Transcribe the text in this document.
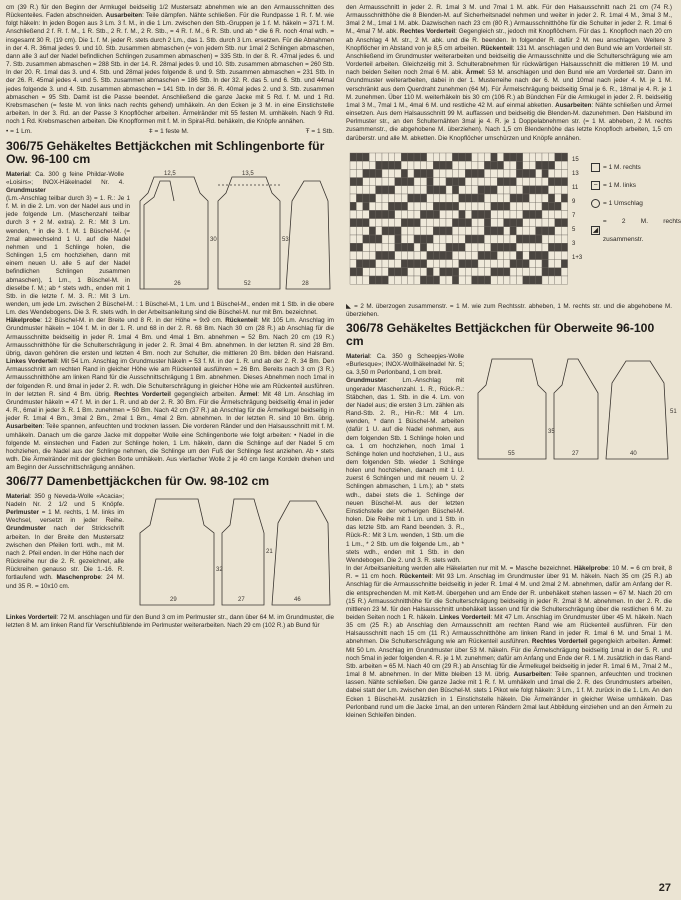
cm (39 R.) für den Beginn der Armkugel beidseitig 1/2 Mustersatz abnehmen wie an den Armausschnitten des Rückenteiles. Faden abschneiden. Ausarbeiten: Teile dämpfen. Nähte schließen. Für die Rundpasse 1 R. f. M. wie folgt häkeln: In jeden Bogen aus 3 Lm. 3 f. M., in die 1 Lm. zwischen den Stb.-Gruppen je 1 f. M. häkeln = 371 f. M. Anschließend 2 f. R. f. M., 1 R. Stb., 2 R. f. M., 2 R. Stb., = 4 R. f. M., 6 R. Stb. und ab * die 6 R. noch 4mal wdh. = insgesamt 30 R. (19 cm). Die 1. f. M. jeder R. stets durch 2 Lm., das 1. Stb. durch 3 Lm. ersetzen. Für die Abnahmen in der 4. R. 36mal jedes 9. und 10. Stb. zusammen abmaschen (= von jedem Stb. nur 1mal 2 Schlingen abmaschen, dann alle 3 auf der Nadel befindlichen Schlingen zusammen abmaschen) = 335 Stb. In der 8. R. 47mal jedes 6. und 7. Stb. zusammen abmaschen = 288 Stb. in der 14. R. 28mal jedes 9. und 10. Stb. zusammen abmaschen = 260 Stb. In der 20. R. 1mal das 3. und 4. Stb. und 28mal jedes folgende 8. und 9. Stb. zusammen abmaschen = 231 Stb. In der 26. R. 45mal jedes 4. und 5. Stb. zusammen abmaschen = 186 Stb. In der 32. R. das 5. und 6. Stb. und 44mal jedes folgende 3. und 4. Stb. zusammen abmaschen = 141 Stb. In der 36. R. 40mal jedes 2. und 3. Stb. zusammen abmaschen = 95 Stb. Damit ist die Passe beendet. Anschließend die ganze Jacke mit 5 Rd. f. M. und 1 Rd. Krebsmaschen (= feste M. von links nach rechts gehend) umhäkeln. An den Ecken je 3 M. in eine Einstichstelle arbeiten. In der 3. Rd. an der Passe 3 Knopflöcher arbeiten. Ärmelränder mit 55 festen M. umhäkeln. Nach 9 Rd. noch 1 Rd. Krebsmaschen arbeiten. Die Knopfformen mit f. M. in Spiral-Rd. behäkeln, die Knöpfe annähen.

• = 1 Lm.	ǂ = 1 feste M.	Ŧ = 1 Stb.
306/75 Gehäkeltes Bettjäckchen mit Schlingenborte für Ow. 96-100 cm
Material: Ca. 300 g feine Phildar-Wolle «Loisirs»; INOX-Häkelnadel Nr. 4. Grundmuster
12,5	13,5
26	52	28
30	53

(Lm.-Anschlag teilbar durch 3) = 1. R.: Je 1 f. M. in die 2. Lm. von der Nadel aus und in jede folgende Lm. (Maschenzahl teilbar durch 3 + 2 M. extra). 2. R.: Mit 3 Lm. wenden, * in die 3. f. M. 1 Büschel-M. (= 2mal abwechselnd 1 U. auf die Nadel nehmen und 1 Schlinge holen, die Schlingen 1,5 cm hochziehen, dann mit einem neuen U. alle 5 auf der Nadel befindlichen Schlingen zusammen abmaschen), 1 Lm., 1 Büschel-M. in dieselbe f. M.; ab * stets wdh., enden mit 1 Stb. in die letzte f. M. 3. R.: Mit 3 Lm. wenden, um jede Lm. zwischen 2 Büschel-M. : 1 Büschel-M., 1 Lm. und 1 Büschel-M., enden mit 1 Stb. in die obere Lm. des Wendebogens. Die 3. R. stets wdh. In der Arbeitsanleitung sind die Büschel-M. nur mit Bm. bezeichnet.

Häkelprobe: 12 Büschel-M. in der Breite und 8 R. in der Höhe = 9x9 cm. Rückenteil: Mit 105 Lm. Anschlag im Grundmuster häkeln = 104 f. M. in der 1. R. und 68 in der 2. R. 68 Bm. Nach 30 cm (28 R.) ab Anschlag für die Armausschnitte beidseitig in jeder R. 1mal 4 Bm. und 4mal 1 Bm. abnehmen = 52 Bm. Nach 20 cm (19 R.) Armausschnitthöhe für die Schulterschrägung in jeder 2. R. 3mal 4 Bm. abnehmen. In der letzten R. sind 28 Bm. übrig, davon gehören die ersten und letzten 4 Bm. noch zur Schulter, die mittleren 20 Bm. bilden den Halsrand. Linkes Vorderteil: Mit 54 Lm. Anschlag im Grundmuster häkeln = 53 f. M. in der 1. R. und ab der 2. R. 34 Bm. Den Armausschnitt am rechten Rand in gleicher Höhe wie am Rückenteil ausführen = 26 Bm. Bereits nach 3 cm (3 R.) Armausschnitthöhe am linken Rand für die Ausschnittschrägung 1 Bm. abnehmen. Dieses Abnehmen noch 1mal in der folgenden R. und 8mal in jeder 2. R. wdh. Die Schulterschrägung in gleicher Höhe wie am Rückenteil ausführen. In der letzten R. sind 4 Bm. übrig. Rechtes Vorderteil gegengleich arbeiten. Ärmel: Mit 48 Lm. Anschlag im Grundmuster häkeln = 47 f. M. in der 1. R. und ab der 2. R. 30 Bm. Für die Ärmelschrägung beidseitig 4mal in jeder 4. R., 6mal in jeder 3. R. 1 Bm. zunehmen = 50 Bm. Nach 42 cm (37 R.) ab Anschlag für die Ärmelkugel beidseitig in jeder R. 1mal 4 Bm., 3mal 2 Bm., 2mal 1 Bm., 4mal 2 Bm. abnehmen. In der letzten R. sind 10 Bm. übrig. Ausarbeiten: Teile spannen, anfeuchten und trocknen lassen. Die vorderen Ränder und den Halsausschnitt mit f. M. umhäkeln. Danach um die ganze Jacke mit doppelter Wolle eine Schlingenborte wie folgt arbeiten: • Nadel in die folgende M. einstechen und Faden zur Schlinge holen, 1 Lm. häkeln, dann die Schlinge auf der Nadel 5 cm hochziehen, die Nadel aus der Schlinge nehmen, die Schlinge um den Fuß der Schlinge fest anziehen. Ab • stets wdh. Die Ärmelränder mit der gleichen Borte umhäkeln. Aus vierfacher Wolle 2 je 40 cm lange Kordeln drehen und am Beginn der Ausschnittschrägung annähen.

306/77 Damenbettjäckchen für Ow. 98-102 cm
Material: 350 g Neveda-Wolle «Acacia»; Nadeln Nr. 2 1/2 und 5 Knöpfe. Perlmuster = 1 M. rechts, 1 M. links im Wechsel, versetzt in jeder Reihe. Grundmuster nach der Strickschrift arbeiten. In der Breite den Mustersatz zwischen den Pfeilen fortl. wdh., mit M. nach 2. Pfeil enden. In der Höhe nach der Rückreihe nur die 2. R. gezeichnet, alle Rückreihen genauso str. Die 1.-16. R. fortlaufend wdh. Maschenprobe: 24 M. und 35 R. = 10x10 cm.
29	27	46
32
21

Linkes Vorderteil: 72 M. anschlagen und für den Bund 3 cm im Perlmuster str., dann über 64 M. im Grundmuster, die letzten 8 M. am linken Rand für Verschlußblende im Perlmuster weiterarbeiten. Nach 29 cm (102 R.) ab Bund für

den Armausschnitt in jeder 2. R. 1mal 3 M. und 7mal 1 M. abk. Für den Halsausschnitt nach 21 cm (74 R.) Armausschnitthöhe die 8 Blenden-M. auf Sicherheitsnadel nehmen und weiter in jeder 2. R. 1mal 4 M., 3mal 3 M., 3mal 2 M., 1mal 1 M. abk. Dazwischen nach 23 cm (80 R.) Armausschnitthöhe für die Schulter in jeder 2. R. 1mal 6 M., 4mal 7 M. abk. Rechtes Vorderteil: Gegengleich str., jedoch mit Knopflöchern. Für das 1. Knopfloch nach 20 cm ab Anschlag 4 M. str., 2 M. abk. und die R. beenden. In folgender R. dafür 2 M. neu anschlagen. Weitere 3 Knopflöcher im Abstand von je 8,5 cm arbeiten. Rückenteil: 131 M. anschlagen und den Bund wie am Vorderteil str. Anschließend im Grundmuster weiterarbeiten und beidseitig die Armausschnitte und die Schulterschrägung wie am Vorderteil arbeiten. Gleichzeitig mit 3. Schulterabnehmen für rückwärtigen Halsausschnitt die mittleren 19 M. und nach beiden Seiten noch 2mal 6 M. abk. Ärmel: 53 M. anschlagen und den Bund wie am Vorderteil str. Dann im Grundmuster weiterarbeiten, dabei in der 1. Musterreihe nach der 6. M. und 10mal nach jeder 4. M. je 1 M. verschränkt aus dem Querdraht zunehmen (64 M). Für Ärmelschrägung beidseitig 5mal je 6. R., 18mal je 4. R. je 1 M. zunehmen. Über 110 M. weiterhäkeln bis 30 cm (106 R.) ab Bündchen Für die Armkugel in jeder 2. R. beidseitig 1mal 3 M., 7mal 1 M., 4mal 6 M. und restliche 42 M. auf einmal abketten. Ausarbeiten: Nähte schließen und Ärmel einsetzen. Aus dem Halsausschnitt 99 M. auffassen und beidseitig die Blenden-M. dazunehmen. Den Halsbund im Perlmuster str., an den Schulternähten 3mal je 4. R. je 1 Doppelabnehmen str. (= 1 M. abheben, 2 M. rechts zusammenstr., die abgehobene M. überziehen). Nach 1,5 cm Blendenhöhe das letzte Knopfloch arbeiten, 1,5 cm darüberstr. und alle M. abketten. Die Knopflöcher umschürzen und Knöpfe annähen.

15
13
11
9
7
5
3
1+3
= 1 M. rechts
− = 1 M. links
= 1 Umschlag
◢
= 2 M. rechts zusammenstr.

◣ = 2 M. überzogen zusammenstr. = 1 M. wie zum Rechtsstr. abheben, 1 M. rechts str. und die abgehobene M. überziehen.

306/78 Gehäkeltes Bettjäckchen für Oberweite 96-100 cm
Material: Ca. 350 g Scheepjes-Wolle «Burlesque»; INOX-Wollhäkelnadel Nr. 5; ca. 3,50 m Perlonband, 1 cm breit.
55	27	40
35
51
Grundmuster: Lm.-Anschlag mit ungerader Maschenzahl. 1. R., Rück-R.: Stäbchen, das 1. Stb. in die 4. Lm. von der Nadel aus; die ersten 3 Lm. zählen als Rand-Stb. 2. R., Hin-R.: Mit 4 Lm. wenden, * dann 1 Büschel-M. arbeiten (dafür 1 U. auf die Nadel nehmen, aus dem folgenden Stb. 1 Schlinge holen und ca. 1 cm hochziehen, noch 1mal 1 Schlinge holen und hochziehen, 1 U., aus dem folgenden Stb. wieder 1 Schlinge holen und hochziehen, danach mit 1 U. zuerst 6 Schlingen und mit neuem U. 2 Schlingen abmaschen, 1 Lm.); ab * stets wdh., dabei stets die 1. Schlinge der neuen Büschel-M. aus der letzten Einstichstelle der vorherigen Büschel-M. holen. Die Reihe mit 1 Lm. und 1 Stb. in das letzte Stb. am Rand beenden. 3. R., Rück-R.: Mit 3 Lm. wenden, 1 Stb. um die 1 Lm., * 2 Stb. um die folgende Lm., ab * stets wdh., enden mit 1 Stb. in den Wendebogen. Die 2. und 3. R. stets wdh.

In der Arbeitsanleitung werden alle Häkelarten nur mit M. = Masche bezeichnet. Häkelprobe: 10 M. = 6 cm breit, 8 R. = 11 cm hoch. Rückenteil: Mit 93 Lm. Anschlag im Grundmuster über 91 M. häkeln. Nach 35 cm (25 R.) ab Anschlag für die Armausschnitte beidseitig in jeder R. 1mal 4 M. und 2mal 2 M. abnehmen, dafür am Anfang der R. die entsprechenden M. mit Kett-M. übergehen und am Ende der R. unbehäkelt stehen lassen = 67 M. Nach 20 cm (15 R.) Armausschnitthöhe für die Schulterschrägung beidseitig in jeder R. 2mal 8 M. abnehmen. In der 2. R. die mittleren 23 M. für den Halsausschnitt unbehäkelt lassen und für die Schulterschrägung über die restlichen 6 M. zu beiden Seiten noch 1 R. häkeln. Linkes Vorderteil: Mit 47 Lm. Anschlag im Grundmuster über 45 M. häkeln. Nach 35 cm (25 R.) ab Anschlag den Armausschnitt am rechten Rand wie am Rückenteil ausführen. Für den Halsausschnitt nach 15 cm (11 R.) Armausschnitthöhe am linken Rand in jeder R. 1mal 6 M. und 5mal 1 M. abnehmen. Die Schulterschrägung wie am Rückenteil ausführen. Rechtes Vorderteil gegengleich arbeiten. Ärmel: Mit 50 Lm. Anschlag im Grundmuster über 53 M. häkeln. Für die Ärmelschrägung beidseitig 1mal in der 5. R. und noch 5mal in jeder folgenden 4. R. je 1 M. zunehmen; dafür am Anfang und Ende der R. 1 M. zusätzlich in das Rand-Stb. arbeiten = 65 M. Nach 40 cm (29 R.) ab Anschlag für die Ärmelkugel beidseitig in jeder R. 1mal 6 M., 7mal 2 M., 1mal 8 M. abnehmen. In der Mitte bleiben 13 M. übrig. Ausarbeiten: Teile spannen, anfeuchten und trocknen lassen. Nähte schließen. Die ganze Jacke mit 1 R. f. M. umhäkeln und 1mal die 2. R. des Grundmusters arbeiten, dabei statt der Lm. zwischen den Büschel-M. stets 1 Pikot wie folgt häkeln: 3 Lm., 1 f. M. zurück in die 1. Lm. An den Ecken 1 Büschel-M. zusätzlich in 1 Einstichstelle häkeln. Die Ärmelränder in gleicher Weise umhäkeln. Das Perlonband rund um die Jacke 1mal, an den unteren Rändern 2mal laut Abbildung einziehen und an den Ärmeln zu kleinen Schleifen binden.

27
